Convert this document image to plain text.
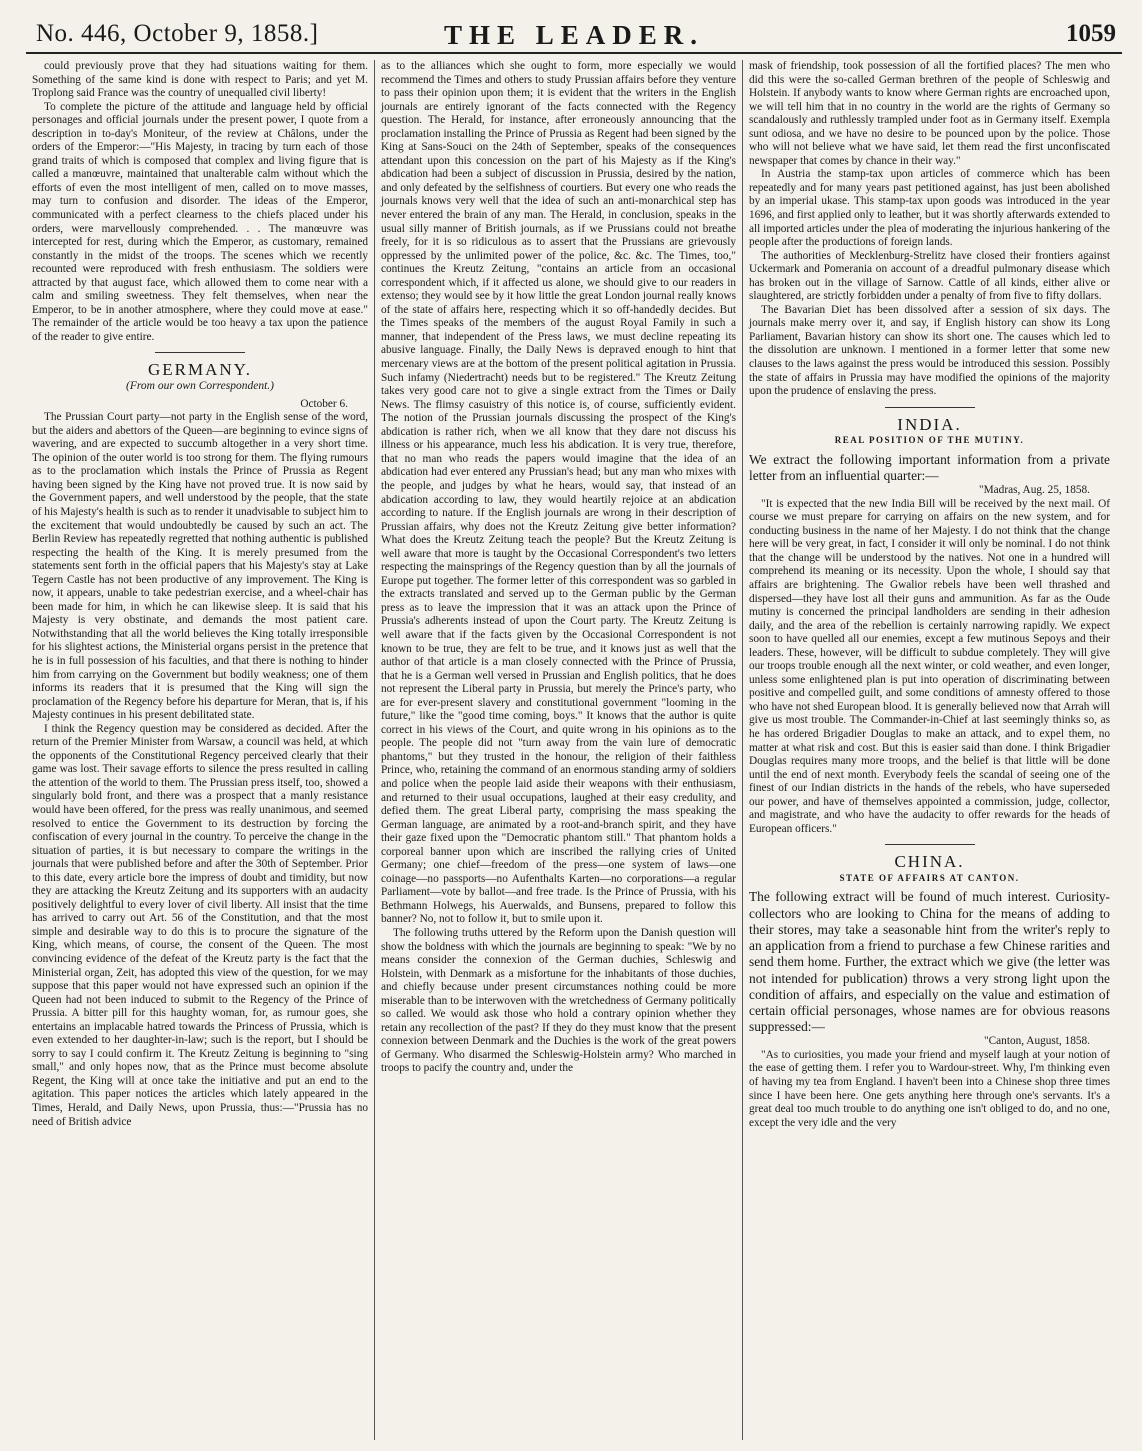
No. 446, October 9, 1858.]	THE LEADER.	1059

could previously prove that they had situations waiting for them. Something of the same kind is done with respect to Paris; and yet M. Troplong said France was the country of unequalled civil liberty!

To complete the picture of the attitude and language held by official personages and official journals under the present power, I quote from a description in to-day's Moniteur, of the review at Châlons, under the orders of the Emperor:—"His Majesty, in tracing by turn each of those grand traits of which is composed that complex and living figure that is called a manœuvre, maintained that unalterable calm without which the efforts of even the most intelligent of men, called on to move masses, may turn to confusion and disorder. The ideas of the Emperor, communicated with a perfect clearness to the chiefs placed under his orders, were marvellously comprehended. . . The manœuvre was intercepted for rest, during which the Emperor, as customary, remained constantly in the midst of the troops. The scenes which we recently recounted were reproduced with fresh enthusiasm. The soldiers were attracted by that august face, which allowed them to come near with a calm and smiling sweetness. They felt themselves, when near the Emperor, to be in another atmosphere, where they could move at ease." The remainder of the article would be too heavy a tax upon the patience of the reader to give entire.

GERMANY.
(From our own Correspondent.)
October 6.

The Prussian Court party—not party in the English sense of the word, but the aiders and abettors of the Queen—are beginning to evince signs of wavering, and are expected to succumb altogether in a very short time. The opinion of the outer world is too strong for them. The flying rumours as to the proclamation which instals the Prince of Prussia as Regent having been signed by the King have not proved true. It is now said by the Government papers, and well understood by the people, that the state of his Majesty's health is such as to render it unadvisable to subject him to the excitement that would undoubtedly be caused by such an act. The Berlin Review has repeatedly regretted that nothing authentic is published respecting the health of the King. It is merely presumed from the statements sent forth in the official papers that his Majesty's stay at Lake Tegern Castle has not been productive of any improvement. The King is now, it appears, unable to take pedestrian exercise, and a wheel-chair has been made for him, in which he can likewise sleep. It is said that his Majesty is very obstinate, and demands the most patient care. Notwithstanding that all the world believes the King totally irresponsible for his slightest actions, the Ministerial organs persist in the pretence that he is in full possession of his faculties, and that there is nothing to hinder him from carrying on the Government but bodily weakness; one of them informs its readers that it is presumed that the King will sign the proclamation of the Regency before his departure for Meran, that is, if his Majesty continues in his present debilitated state.

I think the Regency question may be considered as decided. After the return of the Premier Minister from Warsaw, a council was held, at which the opponents of the Constitutional Regency perceived clearly that their game was lost. Their savage efforts to silence the press resulted in calling the attention of the world to them. The Prussian press itself, too, showed a singularly bold front, and there was a prospect that a manly resistance would have been offered, for the press was really unanimous, and seemed resolved to entice the Government to its destruction by forcing the confiscation of every journal in the country. To perceive the change in the situation of parties, it is but necessary to compare the writings in the journals that were published before and after the 30th of September. Prior to this date, every article bore the impress of doubt and timidity, but now they are attacking the Kreutz Zeitung and its supporters with an audacity positively delightful to every lover of civil liberty. All insist that the time has arrived to carry out Art. 56 of the Constitution, and that the most simple and desirable way to do this is to procure the signature of the King, which means, of course, the consent of the Queen. The most convincing evidence of the defeat of the Kreutz party is the fact that the Ministerial organ, Zeit, has adopted this view of the question, for we may suppose that this paper would not have expressed such an opinion if the Queen had not been induced to submit to the Regency of the Prince of Prussia. A bitter pill for this haughty woman, for, as rumour goes, she entertains an implacable hatred towards the Princess of Prussia, which is even extended to her daughter-in-law; such is the report, but I should be sorry to say I could confirm it. The Kreutz Zeitung is beginning to "sing small," and only hopes now, that as the Prince must become absolute Regent, the King will at once take the initiative and put an end to the agitation. This paper notices the articles which lately appeared in the Times, Herald, and Daily News, upon Prussia, thus:—"Prussia has no need of British advice

as to the alliances which she ought to form, more especially we would recommend the Times and others to study Prussian affairs before they venture to pass their opinion upon them; it is evident that the writers in the English journals are entirely ignorant of the facts connected with the Regency question. The Herald, for instance, after erroneously announcing that the proclamation installing the Prince of Prussia as Regent had been signed by the King at Sans-Souci on the 24th of September, speaks of the consequences attendant upon this concession on the part of his Majesty as if the King's abdication had been a subject of discussion in Prussia, desired by the nation, and only defeated by the selfishness of courtiers. But every one who reads the journals knows very well that the idea of such an anti-monarchical step has never entered the brain of any man. The Herald, in conclusion, speaks in the usual silly manner of British journals, as if we Prussians could not breathe freely, for it is so ridiculous as to assert that the Prussians are grievously oppressed by the unlimited power of the police, &c. &c. The Times, too," continues the Kreutz Zeitung, "contains an article from an occasional correspondent which, if it affected us alone, we should give to our readers in extenso; they would see by it how little the great London journal really knows of the state of affairs here, respecting which it so off-handedly decides. But the Times speaks of the members of the august Royal Family in such a manner, that independent of the Press laws, we must decline repeating its abusive language. Finally, the Daily News is depraved enough to hint that mercenary views are at the bottom of the present political agitation in Prussia. Such infamy (Niedertracht) needs but to be registered." The Kreutz Zeitung takes very good care not to give a single extract from the Times or Daily News. The flimsy casuistry of this notice is, of course, sufficiently evident. The notion of the Prussian journals discussing the prospect of the King's abdication is rather rich, when we all know that they dare not discuss his illness or his appearance, much less his abdication. It is very true, therefore, that no man who reads the papers would imagine that the idea of an abdication had ever entered any Prussian's head; but any man who mixes with the people, and judges by what he hears, would say, that instead of an abdication according to law, they would heartily rejoice at an abdication according to nature. If the English journals are wrong in their description of Prussian affairs, why does not the Kreutz Zeitung give better information? What does the Kreutz Zeitung teach the people? But the Kreutz Zeitung is well aware that more is taught by the Occasional Correspondent's two letters respecting the mainsprings of the Regency question than by all the journals of Europe put together. The former letter of this correspondent was so garbled in the extracts translated and served up to the German public by the German press as to leave the impression that it was an attack upon the Prince of Prussia's adherents instead of upon the Court party. The Kreutz Zeitung is well aware that if the facts given by the Occasional Correspondent is not known to be true, they are felt to be true, and it knows just as well that the author of that article is a man closely connected with the Prince of Prussia, that he is a German well versed in Prussian and English politics, that he does not represent the Liberal party in Prussia, but merely the Prince's party, who are for ever-present slavery and constitutional government "looming in the future," like the "good time coming, boys." It knows that the author is quite correct in his views of the Court, and quite wrong in his opinions as to the people. The people did not "turn away from the vain lure of democratic phantoms," but they trusted in the honour, the religion of their faithless Prince, who, retaining the command of an enormous standing army of soldiers and police when the people laid aside their weapons with their enthusiasm, and returned to their usual occupations, laughed at their easy credulity, and defied them. The great Liberal party, comprising the mass speaking the German language, are animated by a root-and-branch spirit, and they have their gaze fixed upon the "Democratic phantom still." That phantom holds a corporeal banner upon which are inscribed the rallying cries of United Germany; one chief—freedom of the press—one system of laws—one coinage—no passports—no Aufenthalts Karten—no corporations—a regular Parliament—vote by ballot—and free trade. Is the Prince of Prussia, with his Bethmann Holwegs, his Auerwalds, and Bunsens, prepared to follow this banner? No, not to follow it, but to smile upon it.

The following truths uttered by the Reform upon the Danish question will show the boldness with which the journals are beginning to speak: "We by no means consider the connexion of the German duchies, Schleswig and Holstein, with Denmark as a misfortune for the inhabitants of those duchies, and chiefly because under present circumstances nothing could be more miserable than to be interwoven with the wretchedness of Germany politically so called. We would ask those who hold a contrary opinion whether they retain any recollection of the past? If they do they must know that the present connexion between Denmark and the Duchies is the work of the great powers of Germany. Who disarmed the Schleswig-Holstein army? Who marched in troops to pacify the country and, under the

mask of friendship, took possession of all the fortified places? The men who did this were the so-called German brethren of the people of Schleswig and Holstein. If anybody wants to know where German rights are encroached upon, we will tell him that in no country in the world are the rights of Germany so scandalously and ruthlessly trampled under foot as in Germany itself. Exempla sunt odiosa, and we have no desire to be pounced upon by the police. Those who will not believe what we have said, let them read the first unconfiscated newspaper that comes by chance in their way."

In Austria the stamp-tax upon articles of commerce which has been repeatedly and for many years past petitioned against, has just been abolished by an imperial ukase. This stamp-tax upon goods was introduced in the year 1696, and first applied only to leather, but it was shortly afterwards extended to all imported articles under the plea of moderating the injurious hankering of the people after the productions of foreign lands.

The authorities of Mecklenburg-Strelitz have closed their frontiers against Uckermark and Pomerania on account of a dreadful pulmonary disease which has broken out in the village of Sarnow. Cattle of all kinds, either alive or slaughtered, are strictly forbidden under a penalty of from five to fifty dollars.

The Bavarian Diet has been dissolved after a session of six days. The journals make merry over it, and say, if English history can show its Long Parliament, Bavarian history can show its short one. The causes which led to the dissolution are unknown. I mentioned in a former letter that some new clauses to the laws against the press would be introduced this session. Possibly the state of affairs in Prussia may have modified the opinions of the majority upon the prudence of enslaving the press.

INDIA.
REAL POSITION OF THE MUTINY.

We extract the following important information from a private letter from an influential quarter:—

"Madras, Aug. 25, 1858.

"It is expected that the new India Bill will be received by the next mail. Of course we must prepare for carrying on affairs on the new system, and for conducting business in the name of her Majesty. I do not think that the change here will be very great, in fact, I consider it will only be nominal. I do not think that the change will be understood by the natives. Not one in a hundred will comprehend its meaning or its necessity. Upon the whole, I should say that affairs are brightening. The Gwalior rebels have been well thrashed and dispersed—they have lost all their guns and ammunition. As far as the Oude mutiny is concerned the principal landholders are sending in their adhesion daily, and the area of the rebellion is certainly narrowing rapidly. We expect soon to have quelled all our enemies, except a few mutinous Sepoys and their leaders. These, however, will be difficult to subdue completely. They will give our troops trouble enough all the next winter, or cold weather, and even longer, unless some enlightened plan is put into operation of discriminating between positive and compelled guilt, and some conditions of amnesty offered to those who have not shed European blood. It is generally believed now that Arrah will give us most trouble. The Commander-in-Chief at last seemingly thinks so, as he has ordered Brigadier Douglas to make an attack, and to expel them, no matter at what risk and cost. But this is easier said than done. I think Brigadier Douglas requires many more troops, and the belief is that little will be done until the end of next month. Everybody feels the scandal of seeing one of the finest of our Indian districts in the hands of the rebels, who have superseded our power, and have of themselves appointed a commission, judge, collector, and magistrate, and who have the audacity to offer rewards for the heads of European officers."

CHINA.
STATE OF AFFAIRS AT CANTON.

The following extract will be found of much interest. Curiosity-collectors who are looking to China for the means of adding to their stores, may take a seasonable hint from the writer's reply to an application from a friend to purchase a few Chinese rarities and send them home. Further, the extract which we give (the letter was not intended for publication) throws a very strong light upon the condition of affairs, and especially on the value and estimation of certain official personages, whose names are for obvious reasons suppressed:—

"Canton, August, 1858.

"As to curiosities, you made your friend and myself laugh at your notion of the ease of getting them. I refer you to Wardour-street. Why, I'm thinking even of having my tea from England. I haven't been into a Chinese shop three times since I have been here. One gets anything here through one's servants. It's a great deal too much trouble to do anything one isn't obliged to do, and no one, except the very idle and the very
